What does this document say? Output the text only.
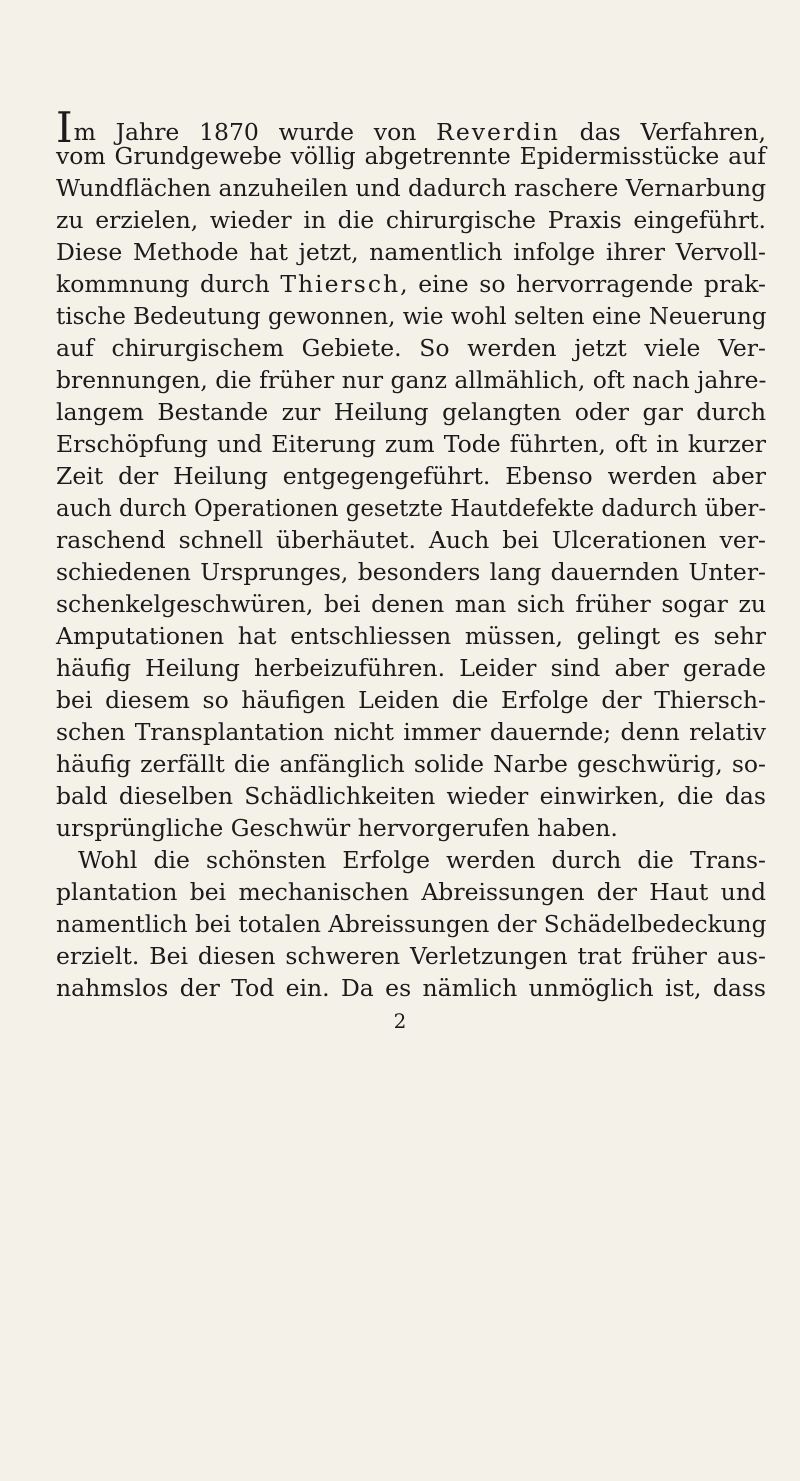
Im Jahre 1870 wurde von Reverdin das Verfahren,
vom Grundgewebe völlig abgetrennte Epidermisstücke auf
Wundflächen anzuheilen und dadurch raschere Vernarbung
zu erzielen, wieder in die chirurgische Praxis eingeführt.
Diese Methode hat jetzt, namentlich infolge ihrer Vervoll-
kommnung durch Thiersch, eine so hervorragende prak-
tische Bedeutung gewonnen, wie wohl selten eine Neuerung
auf chirurgischem Gebiete. So werden jetzt viele Ver-
brennungen, die früher nur ganz allmählich, oft nach jahre-
langem Bestande zur Heilung gelangten oder gar durch
Erschöpfung und Eiterung zum Tode führten, oft in kurzer
Zeit der Heilung entgegengeführt. Ebenso werden aber
auch durch Operationen gesetzte Hautdefekte dadurch über-
raschend schnell überhäutet. Auch bei Ulcerationen ver-
schiedenen Ursprunges, besonders lang dauernden Unter-
schenkelgeschwüren, bei denen man sich früher sogar zu
Amputationen hat entschliessen müssen, gelingt es sehr
häufig Heilung herbeizuführen. Leider sind aber gerade
bei diesem so häufigen Leiden die Erfolge der Thiersch-
schen Transplantation nicht immer dauernde; denn relativ
häufig zerfällt die anfänglich solide Narbe geschwürig, so-
bald dieselben Schädlichkeiten wieder einwirken, die das
ursprüngliche Geschwür hervorgerufen haben.
Wohl die schönsten Erfolge werden durch die Trans-
plantation bei mechanischen Abreissungen der Haut und
namentlich bei totalen Abreissungen der Schädelbedeckung
erzielt. Bei diesen schweren Verletzungen trat früher aus-
nahmslos der Tod ein. Da es nämlich unmöglich ist, dass
2
